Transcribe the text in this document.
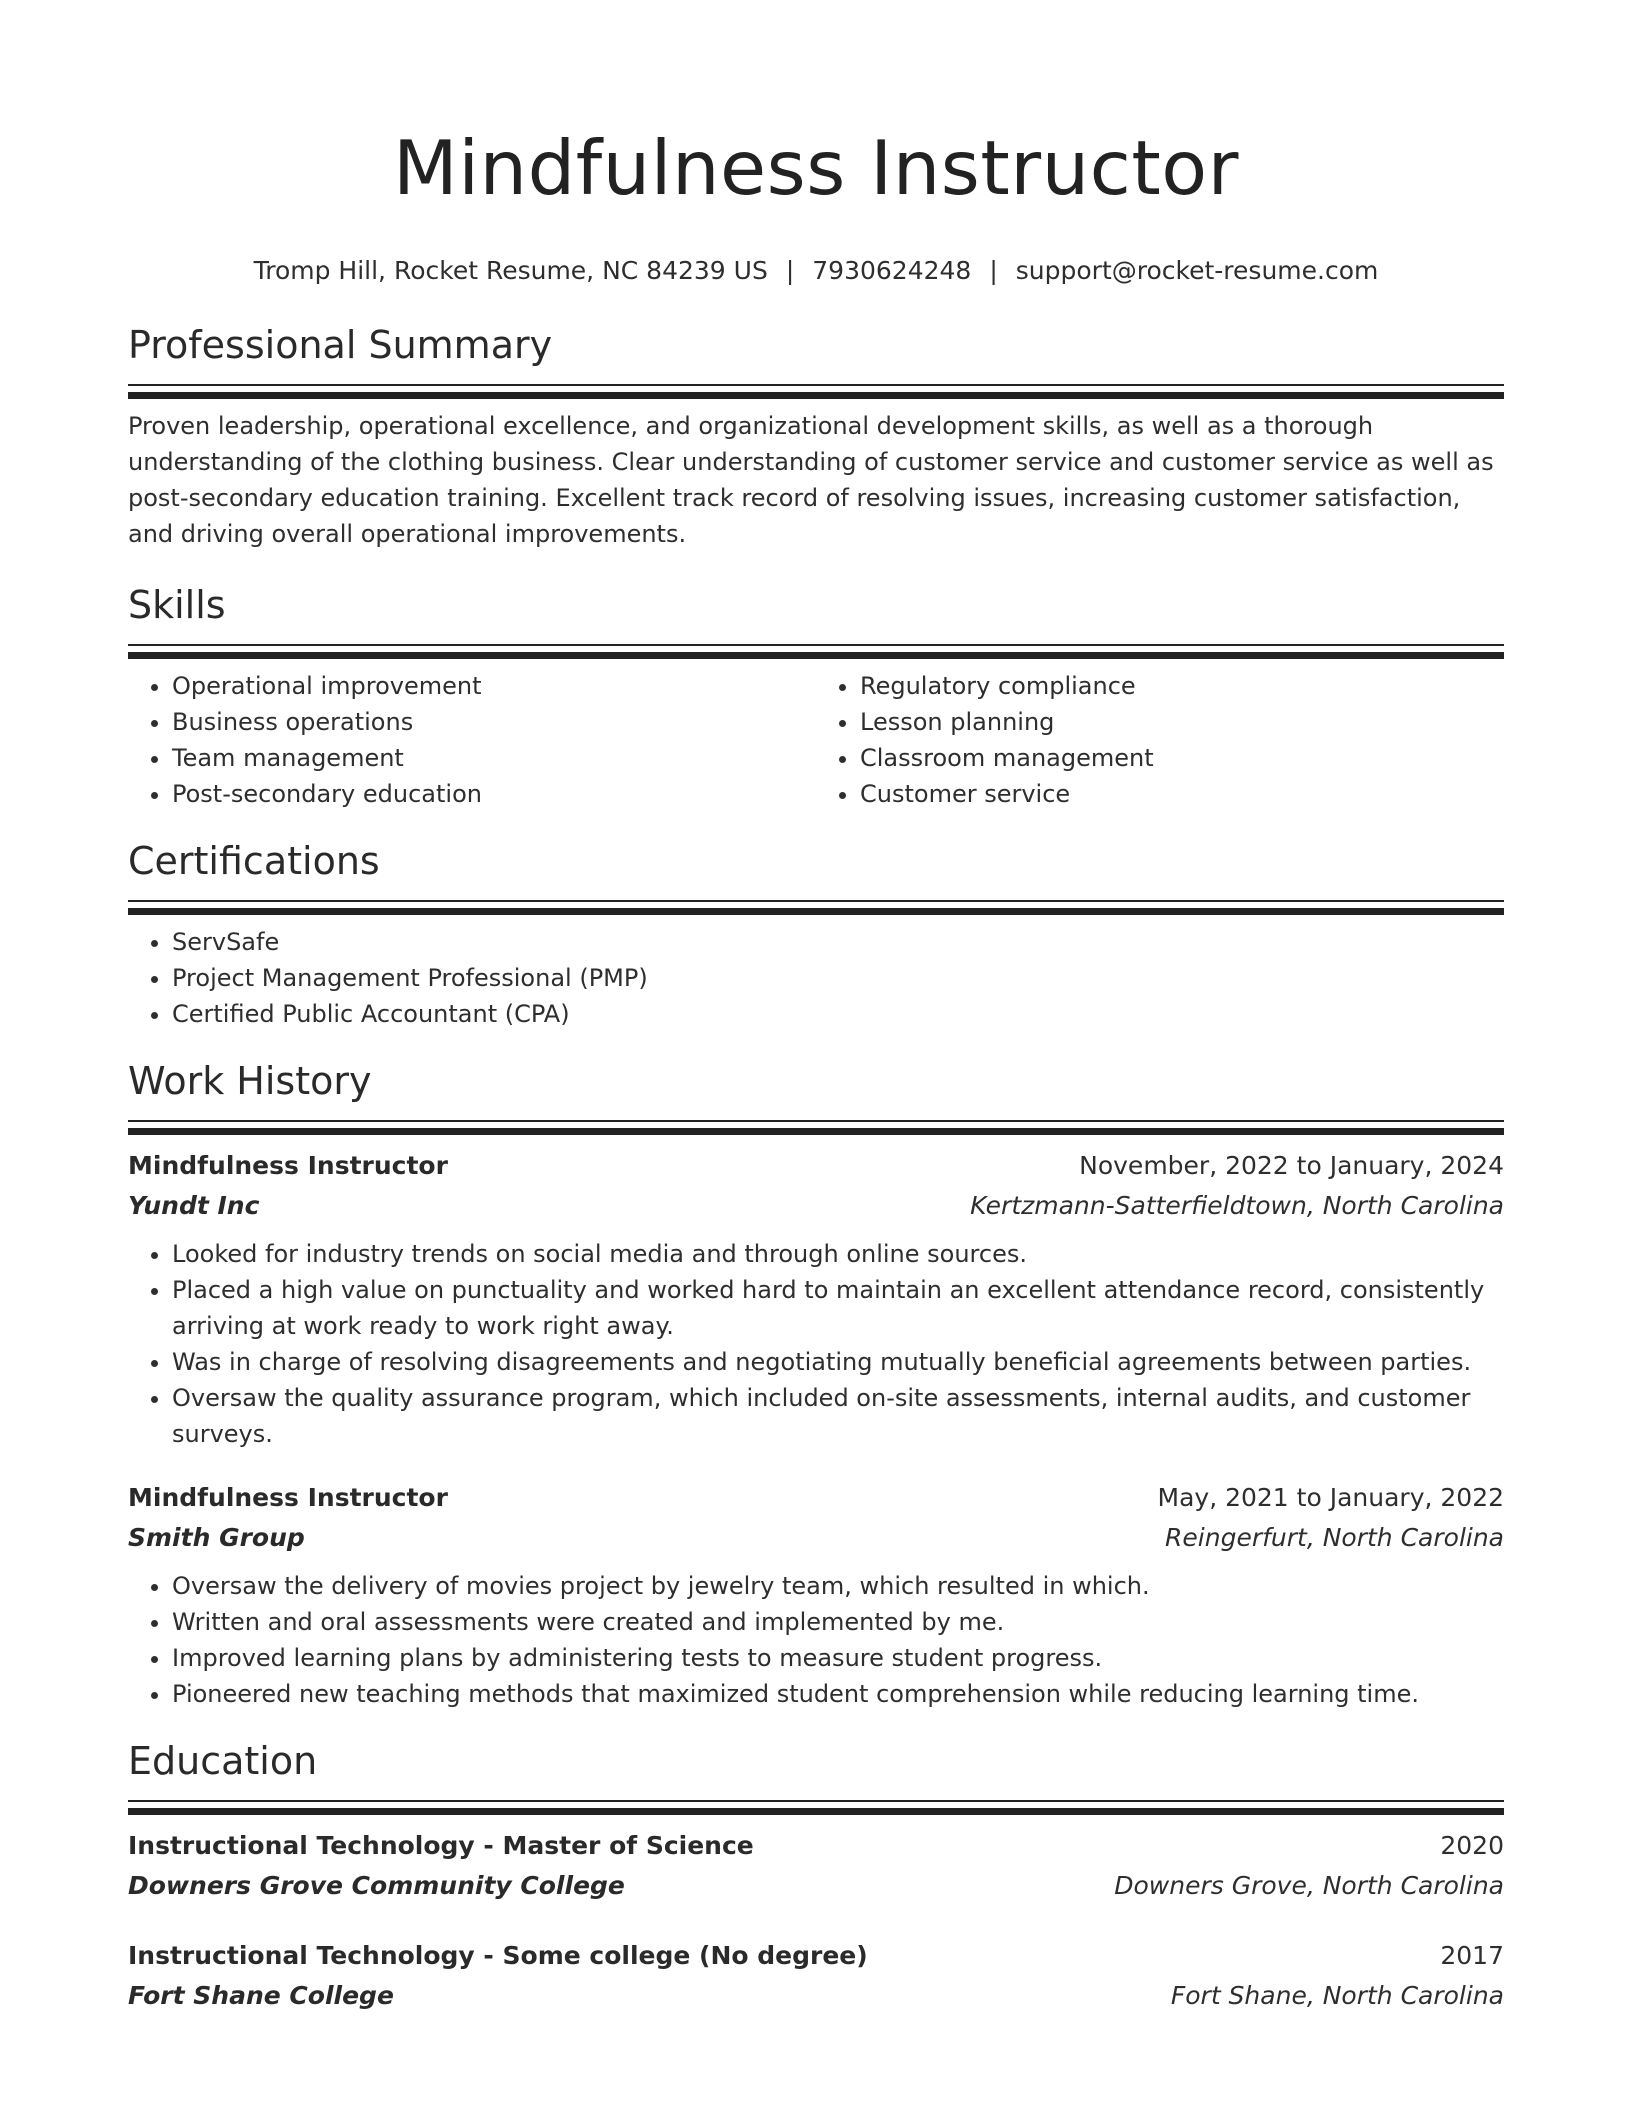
Mindfulness Instructor
Tromp Hill, Rocket Resume, NC 84239 US | 7930624248 | support@rocket-resume.com
Professional Summary

Proven leadership, operational excellence, and organizational development skills, as well as a thorough understanding of the clothing business. Clear understanding of customer service and customer service as well as post-secondary education training. Excellent track record of resolving issues, increasing customer satisfaction, and driving overall operational improvements.

Skills
• Operational improvement
• Business operations
• Team management
• Post-secondary education
• Regulatory compliance
• Lesson planning
• Classroom management
• Customer service
Certifications
• ServSafe
• Project Management Professional (PMP)
• Certified Public Accountant (CPA)
Work History
Mindfulness Instructor	November, 2022 to January, 2024
Yundt Inc	Kertzmann-Satterfieldtown, North Carolina
• Looked for industry trends on social media and through online sources.
• Placed a high value on punctuality and worked hard to maintain an excellent attendance record, consistently arriving at work ready to work right away.
• Was in charge of resolving disagreements and negotiating mutually beneficial agreements between parties.
• Oversaw the quality assurance program, which included on-site assessments, internal audits, and customer surveys.
Mindfulness Instructor	May, 2021 to January, 2022
Smith Group	Reingerfurt, North Carolina
• Oversaw the delivery of movies project by jewelry team, which resulted in which.
• Written and oral assessments were created and implemented by me.
• Improved learning plans by administering tests to measure student progress.
• Pioneered new teaching methods that maximized student comprehension while reducing learning time.
Education
Instructional Technology - Master of Science	2020
Downers Grove Community College	Downers Grove, North Carolina
Instructional Technology - Some college (No degree)	2017
Fort Shane College	Fort Shane, North Carolina
